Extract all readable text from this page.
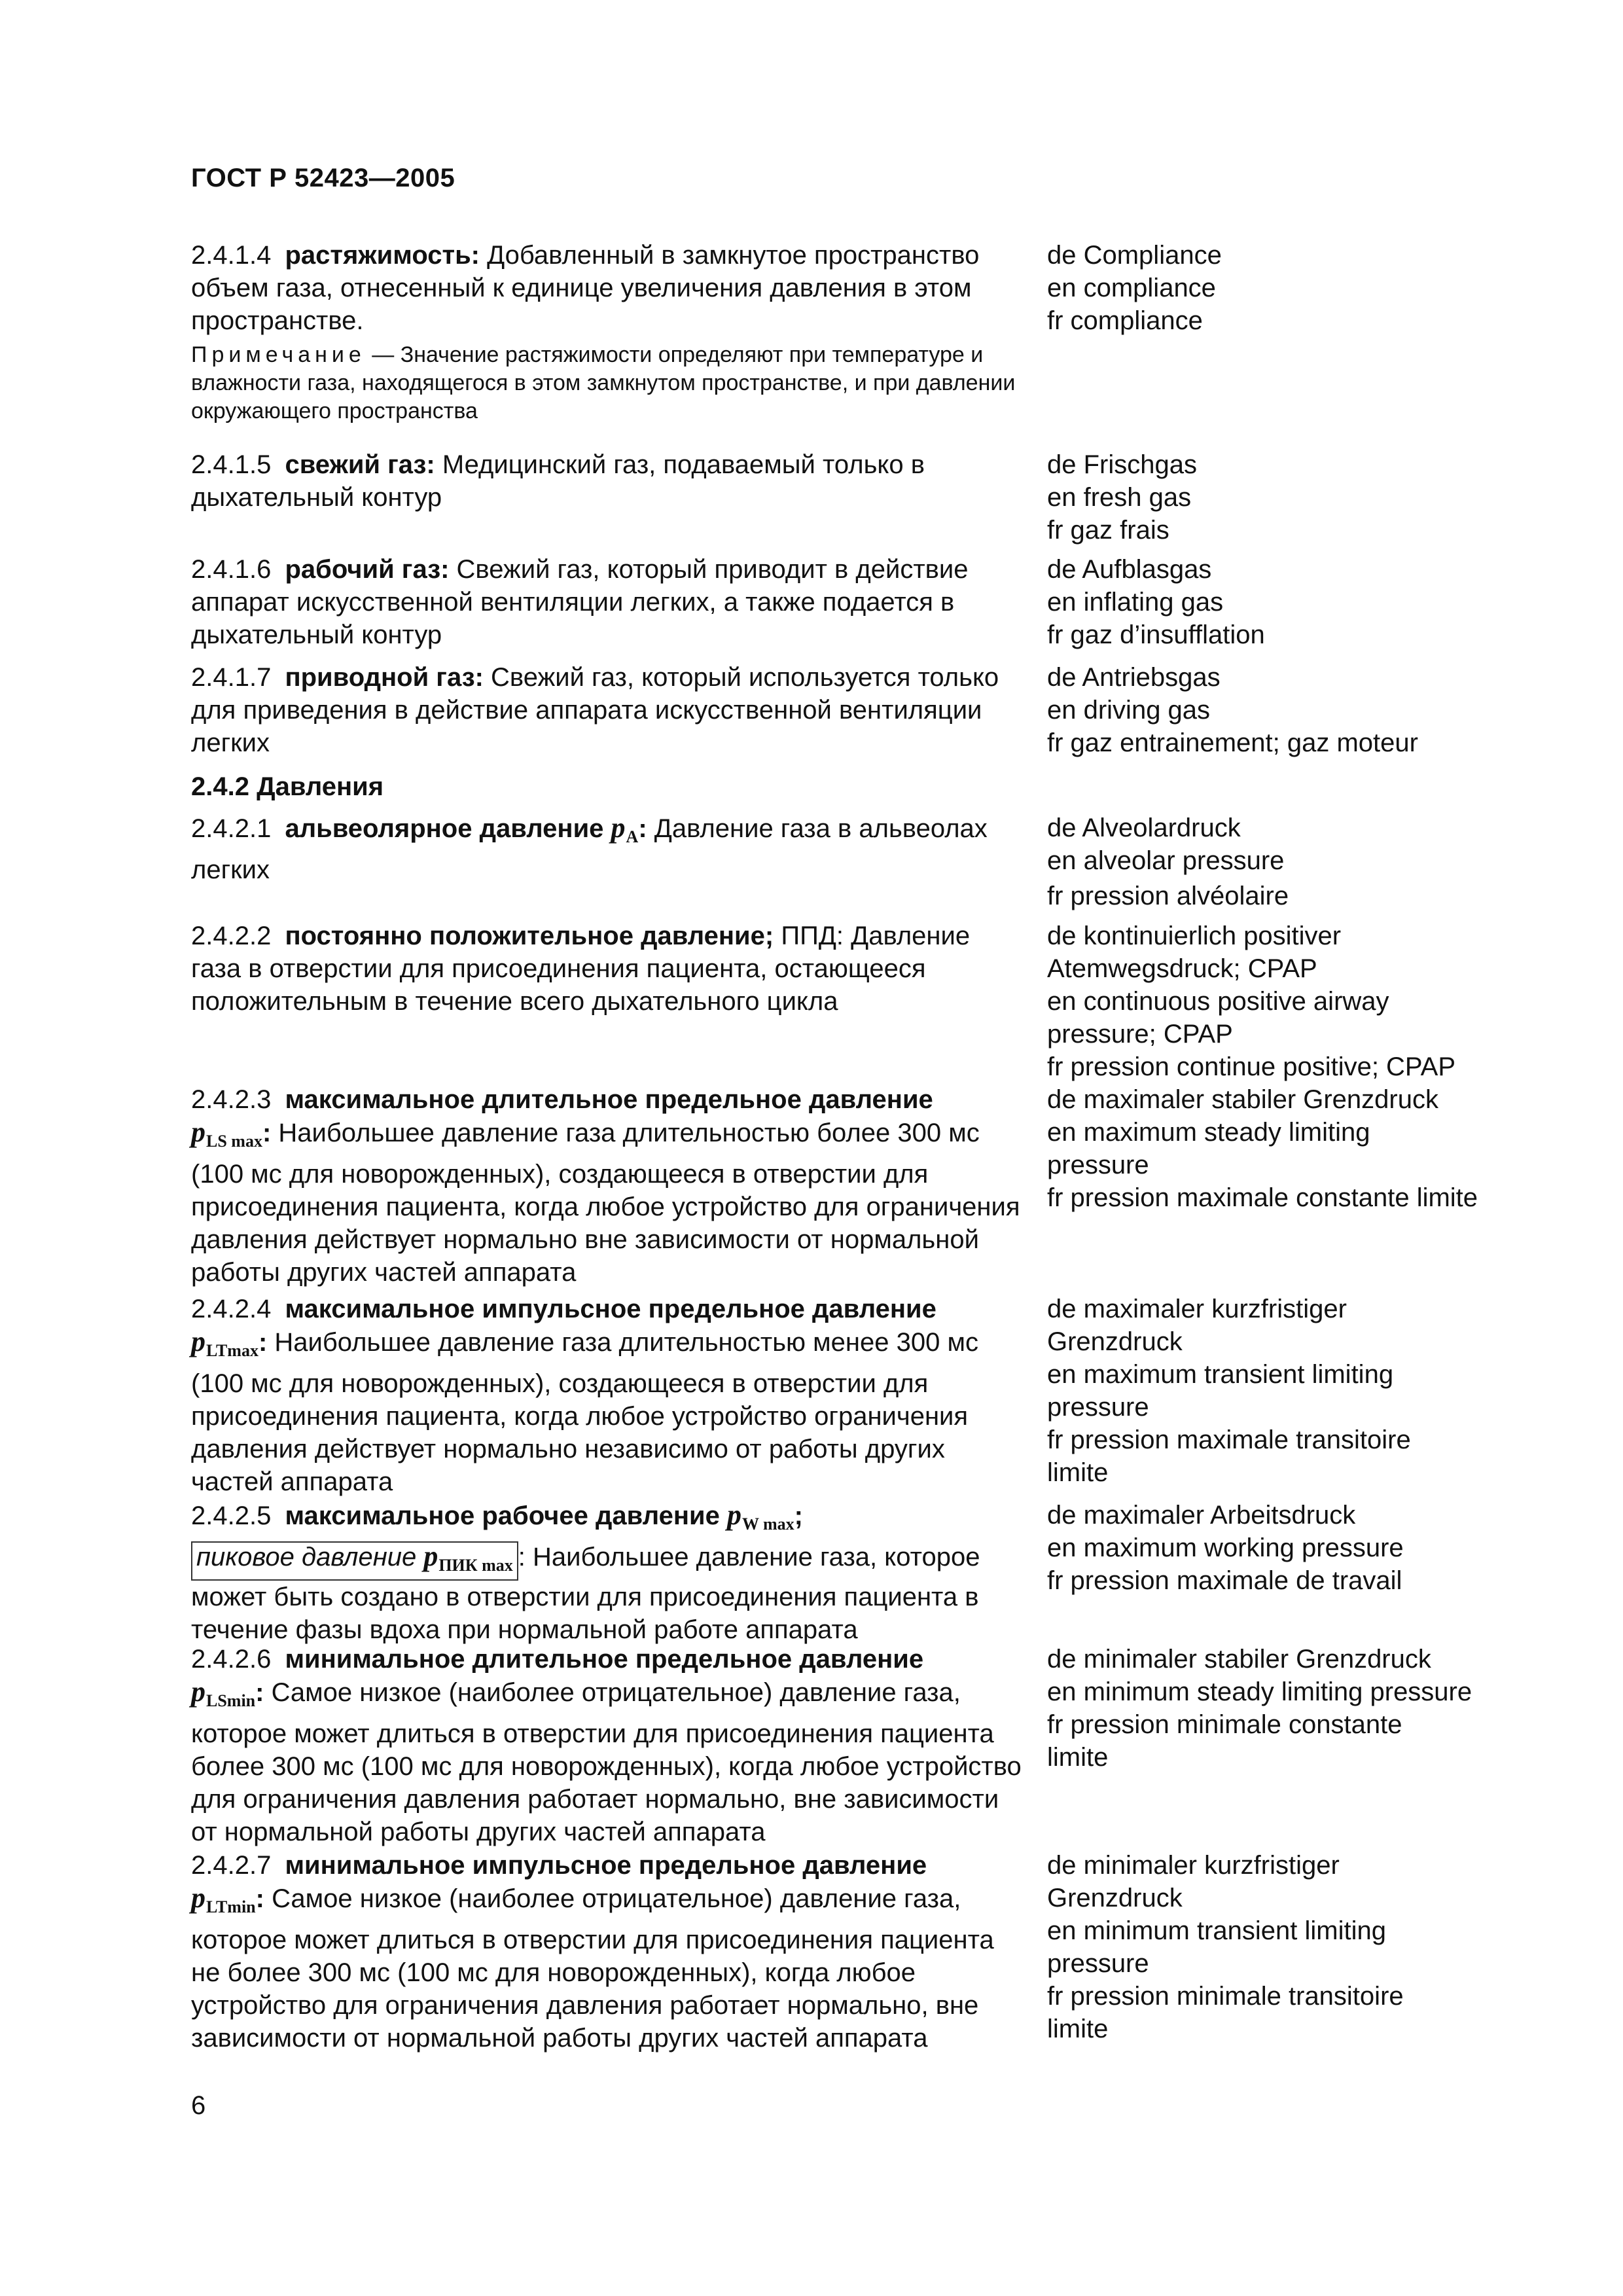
ГОСТ Р 52423—2005
2.4.1.4 растяжимость: Добавленный в замкнутое пространство объем газа, отнесенный к единице увеличения давления в этом пространстве.
Примечание — Значение растяжимости определяют при температуре и влажности газа, находящегося в этом замкнутом пространстве, и при давлении окружающего пространства
de Compliance
en compliance
fr compliance
2.4.1.5 свежий газ: Медицинский газ, подаваемый только в дыхательный контур
de Frischgas
en fresh gas
fr gaz frais
2.4.1.6 рабочий газ: Свежий газ, который приводит в действие аппарат искусственной вентиляции легких, а также подается в дыхательный контур
de Aufblasgas
en inflating gas
fr gaz d’insufflation
2.4.1.7 приводной газ: Свежий газ, который используется только для приведения в действие аппарата искусственной вентиляции легких
de Antriebsgas
en driving gas
fr gaz entrainement; gaz moteur
2.4.2 Давления
2.4.2.1 альвеолярное давление $p_A$: Давление газа в альвеолах легких
de Alveolardruck
en alveolar pressure
fr pression alvéolaire
2.4.2.2 постоянно положительное давление; ППД: Давление газа в отверстии для присоединения пациента, остающееся положительным в течение всего дыхательного цикла
de kontinuierlich positiver Atemwegsdruck; CPAP
en continuous positive airway pressure; CPAP
fr pression continue positive; CPAP
2.4.2.3 максимальное длительное предельное давление
$p_{LS max}$: Наибольшее давление газа длительностью более 300 мс (100 мс для новорожденных), создающееся в отверстии для присоединения пациента, когда любое устройство для ограничения давления действует нормально вне зависимости от нормальной работы других частей аппарата
de maximaler stabiler Grenzdruck
en maximum steady limiting pressure
fr pression maximale constante limite
2.4.2.4 максимальное импульсное предельное давление
$p_{LTmax}$: Наибольшее давление газа длительностью менее 300 мс (100 мс для новорожденных), создающееся в отверстии для присоединения пациента, когда любое устройство ограничения давления действует нормально независимо от работы других частей аппарата
de maximaler kurzfristiger Grenzdruck
en maximum transient limiting pressure
fr pression maximale transitoire limite
2.4.2.5 максимальное рабочее давление $p_{W max}$;
пиковое давление $p_{ПИК max}$ : Наибольшее давление газа, которое может быть создано в отверстии для присоединения пациента в течение фазы вдоха при нормальной работе аппарата
de maximaler Arbeitsdruck
en maximum working pressure
fr pression maximale de travail
2.4.2.6 минимальное длительное предельное давление
$p_{LSmin}$: Самое низкое (наиболее отрицательное) давление газа, которое может длиться в отверстии для присоединения пациента более 300 мс (100 мс для новорожденных), когда любое устройство для ограничения давления работает нормально, вне зависимости от нормальной работы других частей аппарата
de minimaler stabiler Grenzdruck
en minimum steady limiting pressure
fr pression minimale constante limite
2.4.2.7 минимальное импульсное предельное давление
$p_{LTmin}$: Самое низкое (наиболее отрицательное) давление газа, которое может длиться в отверстии для присоединения пациента не более 300 мс (100 мс для новорожденных), когда любое устройство для ограничения давления работает нормально, вне зависимости от нормальной работы других частей аппарата
de minimaler kurzfristiger Grenzdruck
en minimum transient limiting pressure
fr pression minimale transitoire limite
6
